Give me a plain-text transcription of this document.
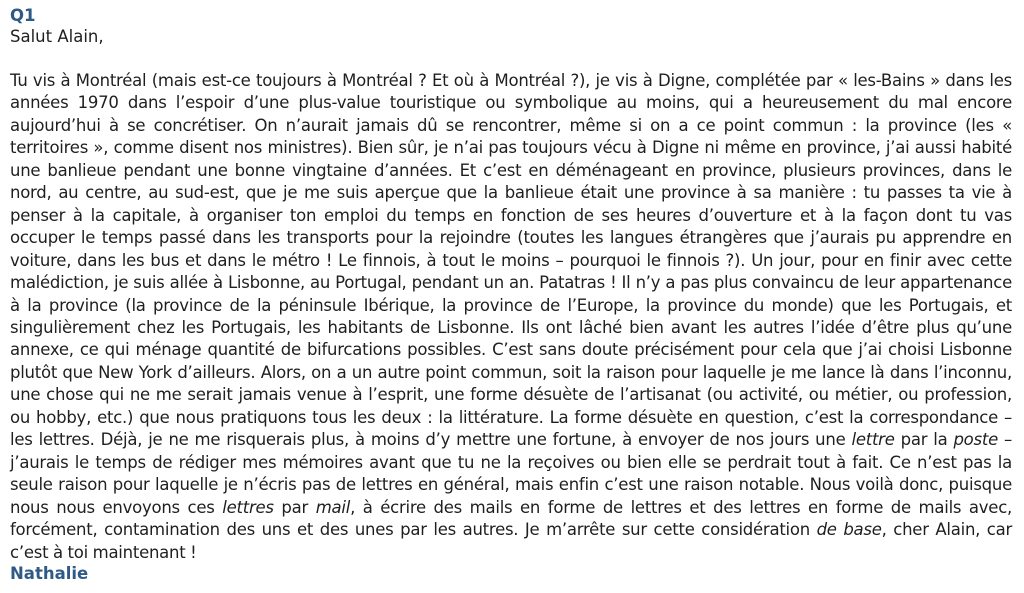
Q1

Salut Alain,

Tu vis à Montréal (mais est-ce toujours à Montréal ? Et où à Montréal ?), je vis à Digne, complétée par « les-Bains » dans les années 1970 dans l’espoir d’une plus-value touristique ou symbolique au moins, qui a heureusement du mal encore aujourd’hui à se concrétiser. On n’aurait jamais dû se rencontrer, même si on a ce point commun : la province (les « territoires », comme disent nos ministres). Bien sûr, je n’ai pas toujours vécu à Digne ni même en province, j’ai aussi habité une banlieue pendant une bonne vingtaine d’années. Et c’est en déménageant en province, plusieurs provinces, dans le nord, au centre, au sud-est, que je me suis aperçue que la banlieue était une province à sa manière : tu passes ta vie à penser à la capitale, à organiser ton emploi du temps en fonction de ses heures d’ouverture et à la façon dont tu vas occuper le temps passé dans les transports pour la rejoindre (toutes les langues étrangères que j’aurais pu apprendre en voiture, dans les bus et dans le métro ! Le finnois, à tout le moins – pourquoi le finnois ?). Un jour, pour en finir avec cette malédiction, je suis allée à Lisbonne, au Portugal, pendant un an. Patatras ! Il n’y a pas plus convaincu de leur appartenance à la province (la province de la péninsule Ibérique, la province de l’Europe, la province du monde) que les Portugais, et singulièrement chez les Portugais, les habitants de Lisbonne. Ils ont lâché bien avant les autres l’idée d’être plus qu’une annexe, ce qui ménage quantité de bifurcations possibles. C’est sans doute précisément pour cela que j’ai choisi Lisbonne plutôt que New York d’ailleurs. Alors, on a un autre point commun, soit la raison pour laquelle je me lance là dans l’inconnu, une chose qui ne me serait jamais venue à l’esprit, une forme désuète de l’artisanat (ou activité, ou métier, ou profession, ou hobby, etc.) que nous pratiquons tous les deux : la littérature. La forme désuète en question, c’est la correspondance – les lettres. Déjà, je ne me risquerais plus, à moins d’y mettre une fortune, à envoyer de nos jours une lettre par la poste – j’aurais le temps de rédiger mes mémoires avant que tu ne la reçoives ou bien elle se perdrait tout à fait. Ce n’est pas la seule raison pour laquelle je n’écris pas de lettres en général, mais enfin c’est une raison notable. Nous voilà donc, puisque nous nous envoyons ces lettres par mail, à écrire des mails en forme de lettres et des lettres en forme de mails avec, forcément, contamination des uns et des unes par les autres. Je m’arrête sur cette considération de base, cher Alain, car c’est à toi maintenant !

Nathalie
